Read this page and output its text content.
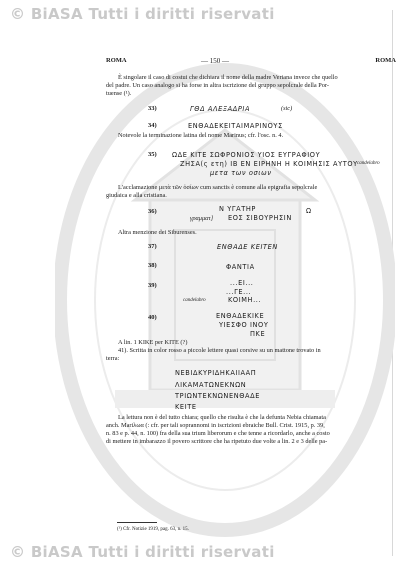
© BiASA Tutti i diritti riservati
© BiASA Tutti i diritti riservati
ROMA	— 150 —	ROMA
È singolare il caso di costui che dichiara il nome della madre Veriana invece che quello
del padre. Un caso analogo si ha forse in altra iscrizione del gruppo sepolcrale della Por-
tuense (¹).
33)	ΓΘΔ ΑΛΕΞΑΔΡΙΑ	(sic)
34)	ΕΝΘΑΔΕΚΕΙΤΑΙΜΑΡΙΝΟΥΣ
Notevole la terminazione latina del nome Marinus; cfr. l'osс. n. 4.
35) ΩΔΕ ΚΙΤΕ ΣΩΦΡΟΝΙΟΣ ΥΙΟΣ ΕΥΓΡΑΦΙΟΥ
ΖΗΣΑ(ς ετη) ΙΒ ΕΝ ΕΙΡΗΝΗ Η ΚΟΙΜΗΣΙΣ ΑΥΤΟΥ candelabro
μετα των οσιων
L'acclamazione μετὰ τῶν ὁσίων cum sanctis è comune alla epigrafia sepolcrale
giudaica e alla cristiana.
36)	Ν ΥΓΑΤΗΡ	Ω
γραμματ] ΕΟΣ ΣΙΒΟΥΡΗΣΙΝ
Altra menzione dei Siburenses.
37)	ΕΝΘΑΔΕ ΚΕΙΤΕΝ
38)	ΦΑΝΤΙΑ
39)	...ΕΙ...
...ΓΕ...
candelabro	ΚΟΙΜΗ...
40)	ΕΝΘΑΔΕΚΙΚΕ
ΥΙΕΣΦΟ ΙΝΟΥ
ΠΚΕ
A lin. 1 ΚΙΚΕ per ΚΙΤΕ (?)
41). Scritta in color rosso a piccole lettere quasi corsive su un mattone trovato in
terra:
ΝΕΒΙΔΚΥΡΙΔΗΚΑΙΙΑΑΠ
ΛΙΚΑΜΑΤΩΝΕΚΝΩΝ
ΤΡΙΩΝΤΕΚΝΩΝΕΝΘΑΔΕ
ΚΕΙΤΕ
La lettura non è del tutto chiara; quello che risulta è che la defunta Nebia chiamata
anch. Mariλωα (: cfr. per tali soprannomi in iscrizioni ebraiche Bull. Crist. 1915, p. 39,
n. 83 e p. 44, n. 100) fra della sua trium liberorum e che tenne a ricordarlo, anche a costo
di mettere in imbarazzo il povero scrittore che ha ripetuto due volte a lin. 2 e 3 delle pa-
(¹) Cfr. Notizie 1919, pag. 63, n. 15.
